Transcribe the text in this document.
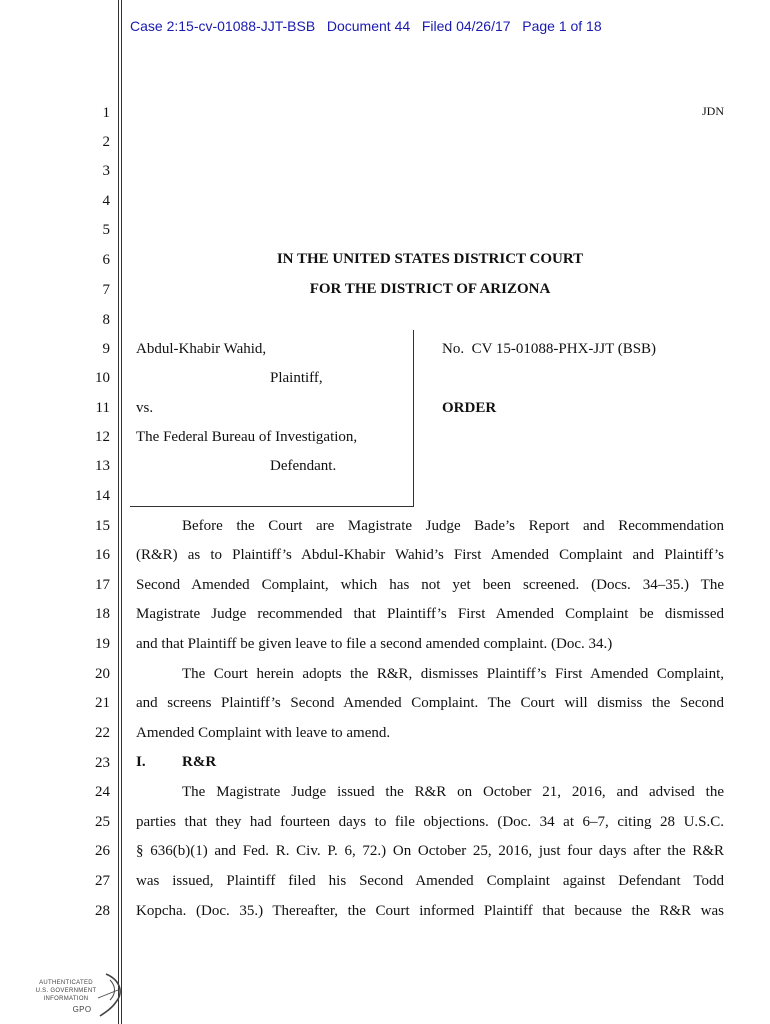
Case 2:15-cv-01088-JJT-BSB Document 44 Filed 04/26/17 Page 1 of 18
JDN
1
2
3
4
5
6
7
8
9
10
11
12
13
14
15
16
17
18
19
20
21
22
23
24
25
26
27
28
IN THE UNITED STATES DISTRICT COURT
FOR THE DISTRICT OF ARIZONA
Abdul-Khabir Wahid,
Plaintiff,
vs.
The Federal Bureau of Investigation,
Defendant.
No.  CV 15-01088-PHX-JJT (BSB)
ORDER
Before the Court are Magistrate Judge Bade’s Report and Recommendation
(R&R) as to Plaintiff’s Abdul-Khabir Wahid’s First Amended Complaint and Plaintiff’s
Second Amended Complaint, which has not yet been screened. (Docs. 34–35.) The
Magistrate Judge recommended that Plaintiff’s First Amended Complaint be dismissed
and that Plaintiff be given leave to file a second amended complaint. (Doc. 34.)
The Court herein adopts the R&R, dismisses Plaintiff’s First Amended Complaint,
and screens Plaintiff’s Second Amended Complaint. The Court will dismiss the Second
Amended Complaint with leave to amend.
I. R&R
The Magistrate Judge issued the R&R on October 21, 2016, and advised the
parties that they had fourteen days to file objections. (Doc. 34 at 6–7, citing 28 U.S.C.
§ 636(b)(1) and Fed. R. Civ. P. 6, 72.) On October 25, 2016, just four days after the R&R
was issued, Plaintiff filed his Second Amended Complaint against Defendant Todd
Kopcha. (Doc. 35.) Thereafter, the Court informed Plaintiff that because the R&R was
AUTHENTICATED
U.S. GOVERNMENT
INFORMATION
GPO
